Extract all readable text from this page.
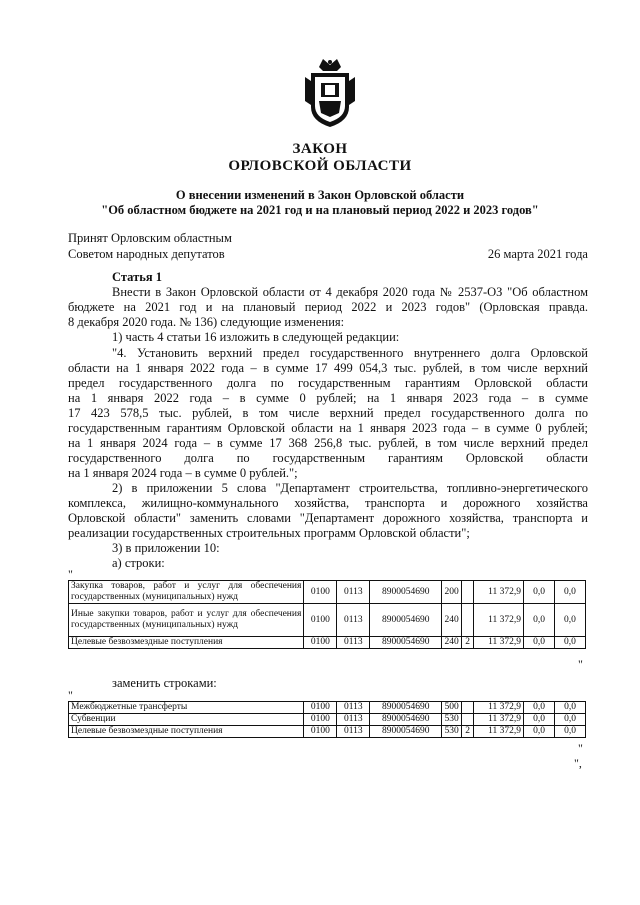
ЗАКОН
ОРЛОВСКОЙ ОБЛАСТИ
О внесении изменений в Закон Орловской области
"Об областном бюджете на 2021 год и на плановый период 2022 и 2023 годов"
Принят Орловским областным
Советом народных депутатов	26 марта 2021 года
Статья 1
Внести в Закон Орловской области от 4 декабря 2020 года № 2537-ОЗ "Об областном
бюджете на 2021 год и на плановый период 2022 и 2023 годов" (Орловская правда.
8 декабря 2020 года. № 136) следующие изменения:
1) часть 4 статьи 16 изложить в следующей редакции:
"4. Установить верхний предел государственного внутреннего долга Орловской
области на 1 января 2022 года – в сумме 17 499 054,3 тыс. рублей, в том числе верхний
предел государственного долга по государственным гарантиям Орловской области
на 1 января 2022 года – в сумме 0 рублей; на 1 января 2023 года – в сумме
17 423 578,5 тыс. рублей, в том числе верхний предел государственного долга по
государственным гарантиям Орловской области на 1 января 2023 года – в сумме 0 рублей;
на 1 января 2024 года – в сумме 17 368 256,8 тыс. рублей, в том числе верхний предел
государственного долга по государственным гарантиям Орловской области
на 1 января 2024 года – в сумме 0 рублей.";
2) в приложении 5 слова "Департамент строительства, топливно-энергетического
комплекса, жилищно-коммунального хозяйства, транспорта и дорожного хозяйства
Орловской области" заменить словами "Департамент дорожного хозяйства, транспорта и
реализации государственных строительных программ Орловской области";
3) в приложении 10:
а) строки:
"
Закупка товаров, работ и услуг для обеспечения государственных (муниципальных) нужд	0100	0113	8900054690	200		11 372,9	0,0	0,0
Иные закупки товаров, работ и услуг для обеспечения государственных (муниципальных) нужд	0100	0113	8900054690	240		11 372,9	0,0	0,0
Целевые безвозмездные поступления	0100	0113	8900054690	240	2	11 372,9	0,0	0,0
"
заменить строками:
"
Межбюджетные трансферты	0100	0113	8900054690	500		11 372,9	0,0	0,0
Субвенции	0100	0113	8900054690	530		11 372,9	0,0	0,0
Целевые безвозмездные поступления	0100	0113	8900054690	530	2	11 372,9	0,0	0,0
"
",
